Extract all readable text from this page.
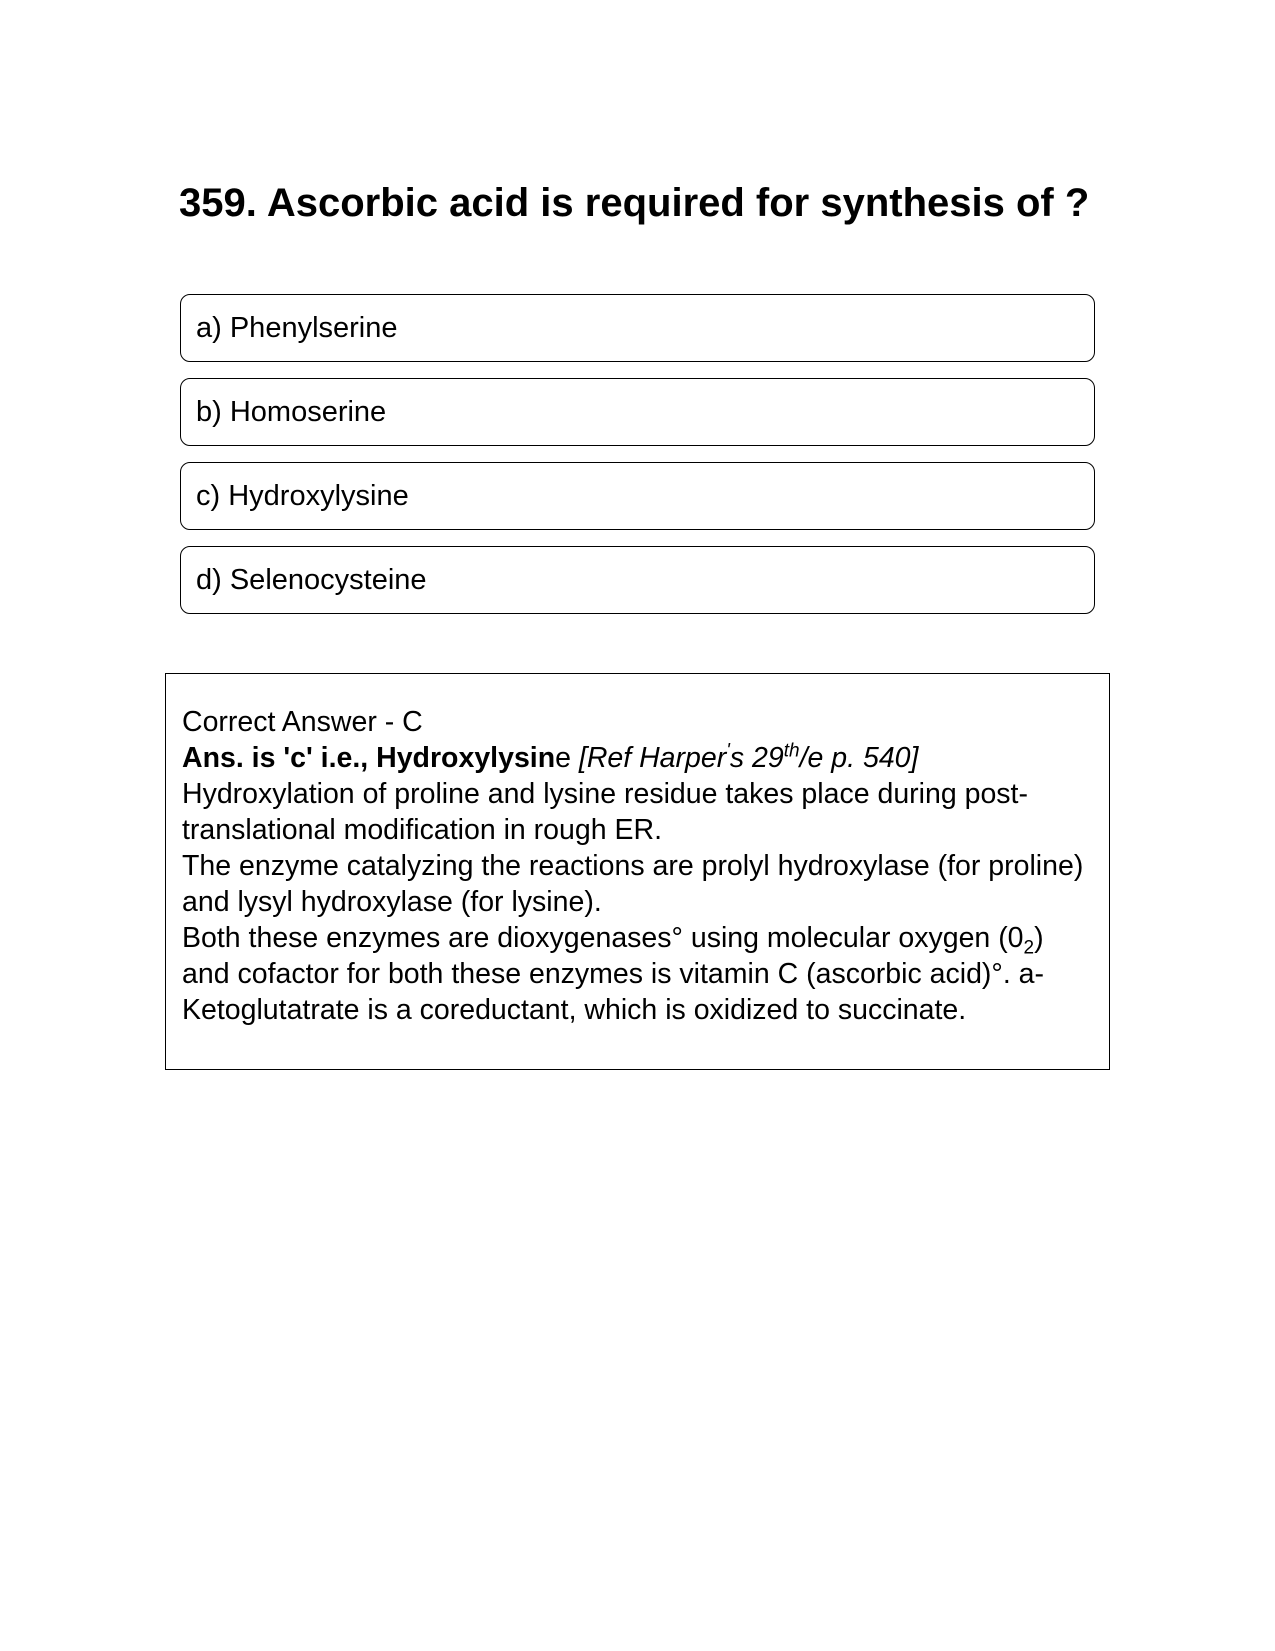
359. Ascorbic acid is required for synthesis of ?
a) Phenylserine
b) Homoserine
c) Hydroxylysine
d) Selenocysteine

Correct Answer - C

Ans. is 'c' i.e., Hydroxylysine [Ref Harper's 29th/e p. 540]

Hydroxylation of proline and lysine residue takes place during post-translational modification in rough ER.

The enzyme catalyzing the reactions are prolyl hydroxylase (for proline) and lysyl hydroxylase (for lysine).

Both these enzymes are dioxygenases° using molecular oxygen $(0_2)$ and cofactor for both these enzymes is vitamin C (ascorbic acid)°. a-Ketoglutatrate is a coreductant, which is oxidized to succinate.
